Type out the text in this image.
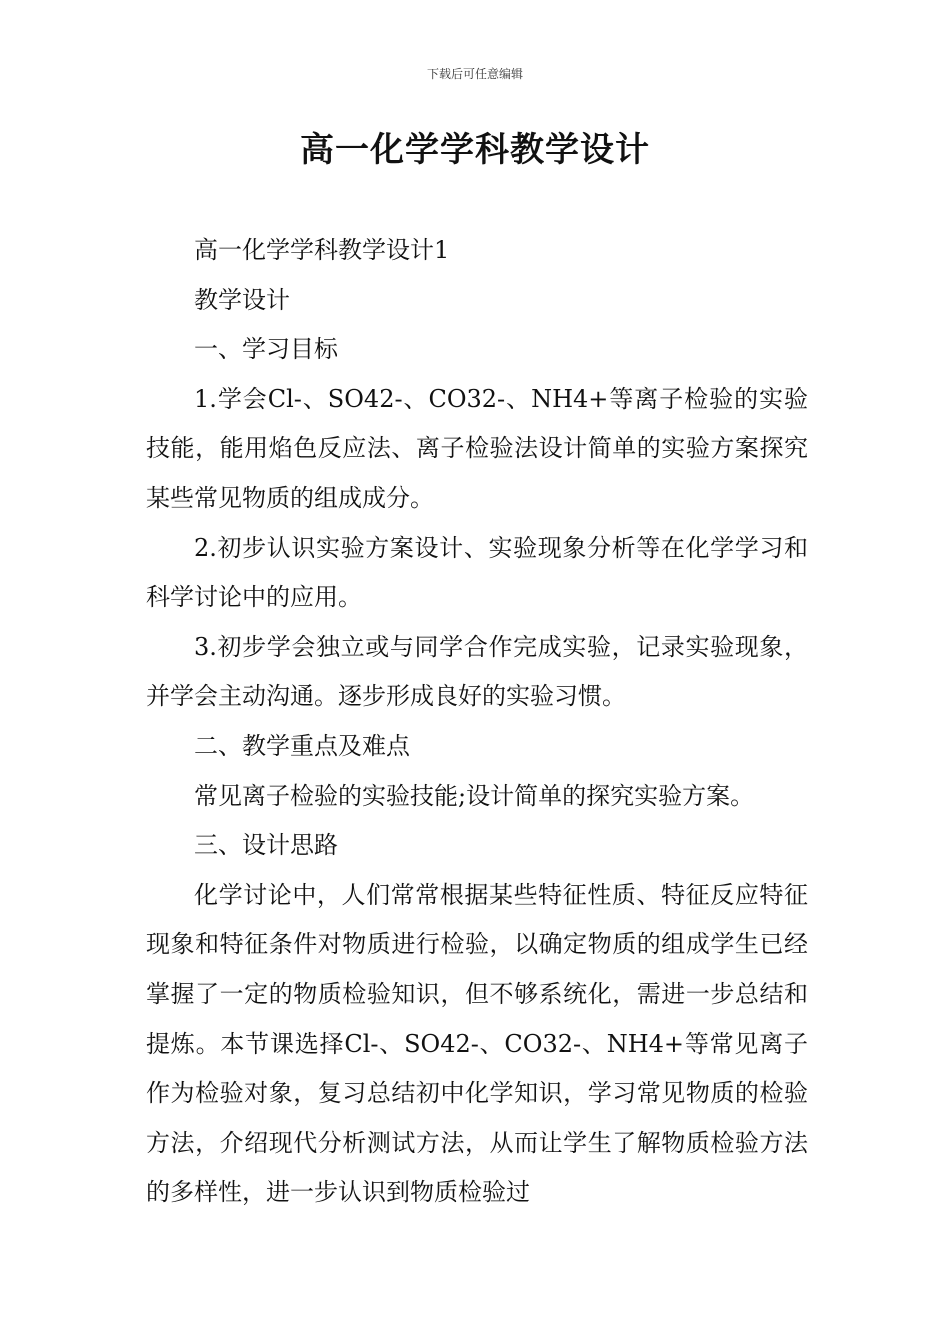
下载后可任意编辑
高一化学学科教学设计

高一化学学科教学设计1

教学设计

一、学习目标

1.学会Cl-、SO42-、CO32-、NH4+等离子检验的实验技能，能用焰色反应法、离子检验法设计简单的实验方案探究某些常见物质的组成成分。

2.初步认识实验方案设计、实验现象分析等在化学学习和科学讨论中的应用。

3.初步学会独立或与同学合作完成实验，记录实验现象，并学会主动沟通。逐步形成良好的实验习惯。

二、教学重点及难点

常见离子检验的实验技能;设计简单的探究实验方案。

三、设计思路

化学讨论中，人们常常根据某些特征性质、特征反应特征现象和特征条件对物质进行检验，以确定物质的组成学生已经掌握了一定的物质检验知识，但不够系统化，需进一步总结和提炼。本节课选择Cl-、SO42-、CO32-、NH4+等常见离子作为检验对象，复习总结初中化学知识，学习常见物质的检验方法，介绍现代分析测试方法，从而让学生了解物质检验方法的多样性，进一步认识到物质检验过
